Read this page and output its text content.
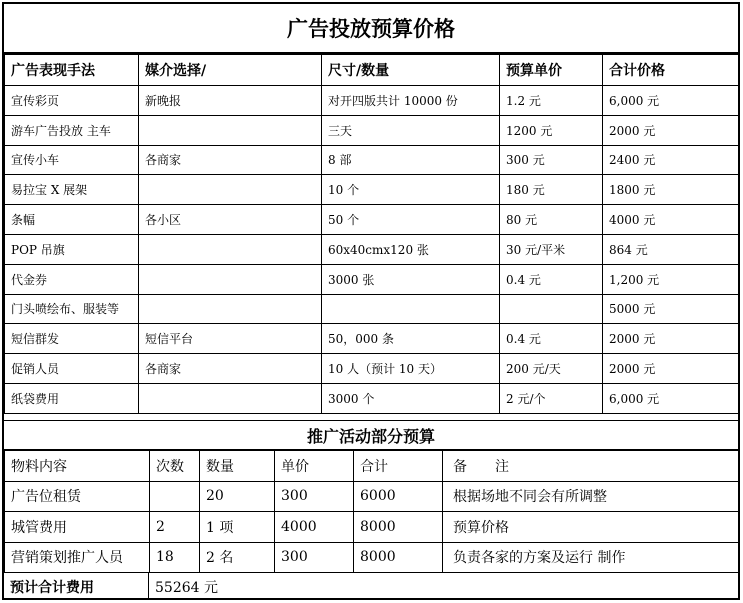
广告投放预算价格
广告表现手法	媒介选择/	尺寸/数量	预算单价	合计价格
宣传彩页	新晚报	对开四版共计 10000 份	1.2 元	6,000 元
游车广告投放 主车		三天	1200 元	2000 元
宣传小车	各商家	8 部	300 元	2400 元
易拉宝 X 展架		10 个	180 元	1800 元
条幅	各小区	50 个	80 元	4000 元
POP 吊旗		60x40cmx120 张	30 元/平米	864 元
代金券		3000 张	0.4 元	1,200 元
门头喷绘布、服装等				5000 元
短信群发	短信平台	50，000 条	0.4 元	2000 元
促销人员	各商家	10 人（预计 10 天）	200 元/天	2000 元
纸袋费用		3000 个	2 元/个	6,000 元
推广活动部分预算
物料内容	次数	数量	单价	合计	备　　注
广告位租赁		20	300	6000	根据场地不同会有所调整
城管费用	2	1 项	4000	8000	预算价格
营销策划推广人员	18	2 名	300	8000	负责各家的方案及运行 制作
预计合计费用	55264 元
